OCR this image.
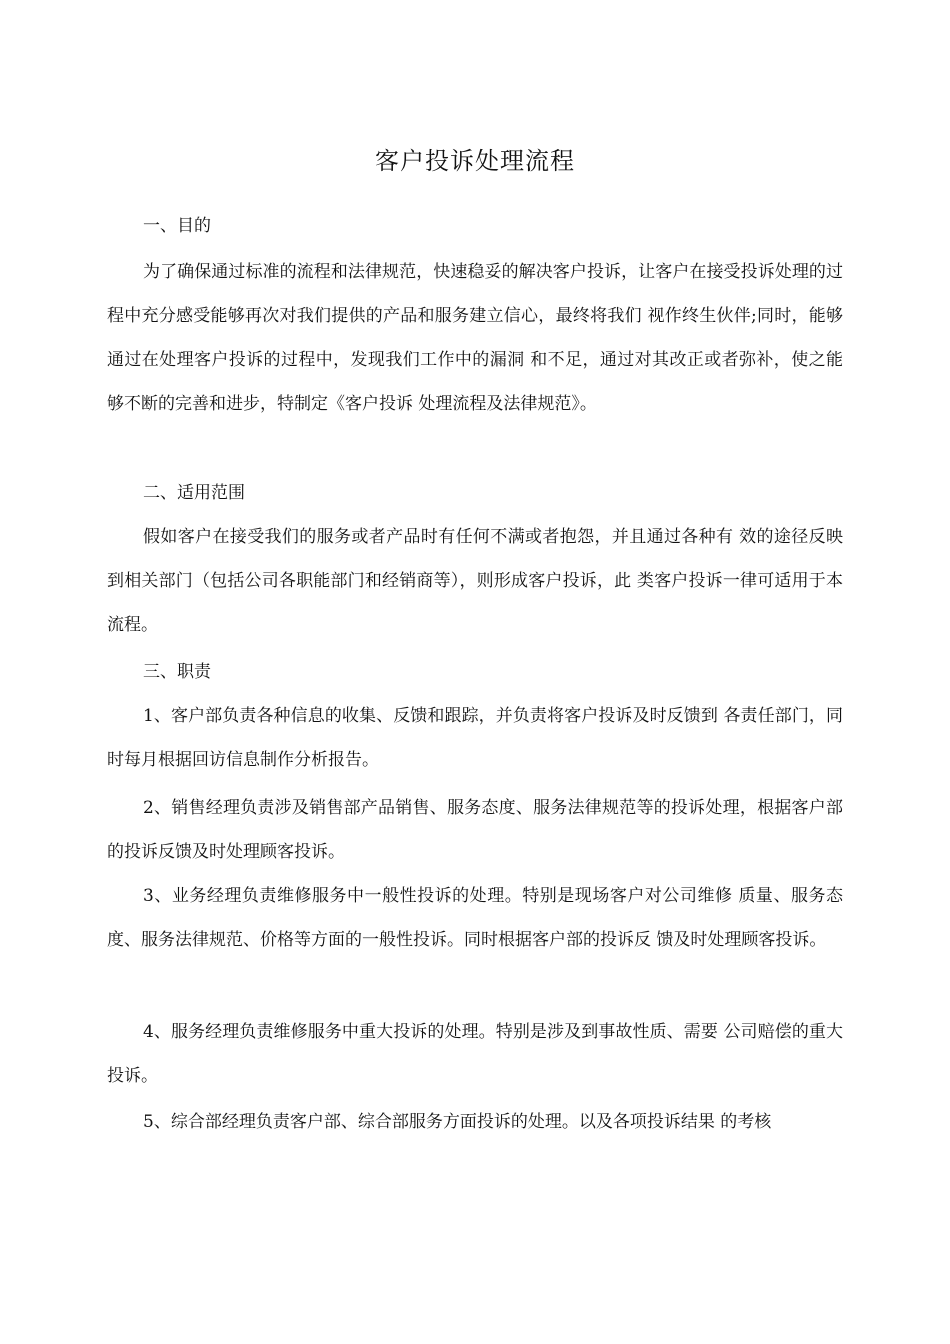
客户投诉处理流程
一、目的
为了确保通过标准的流程和法律规范，快速稳妥的解决客户投诉，让客户在接受投诉处理的过程中充分感受能够再次对我们提供的产品和服务建立信心，最终将我们 视作终生伙伴;同时，能够通过在处理客户投诉的过程中，发现我们工作中的漏洞 和不足，通过对其改正或者弥补，使之能够不断的完善和进步，特制定《客户投诉 处理流程及法律规范》。
二、适用范围
假如客户在接受我们的服务或者产品时有任何不满或者抱怨，并且通过各种有 效的途径反映到相关部门（包括公司各职能部门和经销商等），则形成客户投诉，此 类客户投诉一律可适用于本流程。
三、职责
1、客户部负责各种信息的收集、反馈和跟踪，并负责将客户投诉及时反馈到 各责任部门，同时每月根据回访信息制作分析报告。
2、销售经理负责涉及销售部产品销售、服务态度、服务法律规范等的投诉处理，根据客户部的投诉反馈及时处理顾客投诉。
3、业务经理负责维修服务中一般性投诉的处理。特别是现场客户对公司维修 质量、服务态度、服务法律规范、价格等方面的一般性投诉。同时根据客户部的投诉反 馈及时处理顾客投诉。
4、服务经理负责维修服务中重大投诉的处理。特别是涉及到事故性质、需要 公司赔偿的重大投诉。
5、综合部经理负责客户部、综合部服务方面投诉的处理。以及各项投诉结果 的考核
